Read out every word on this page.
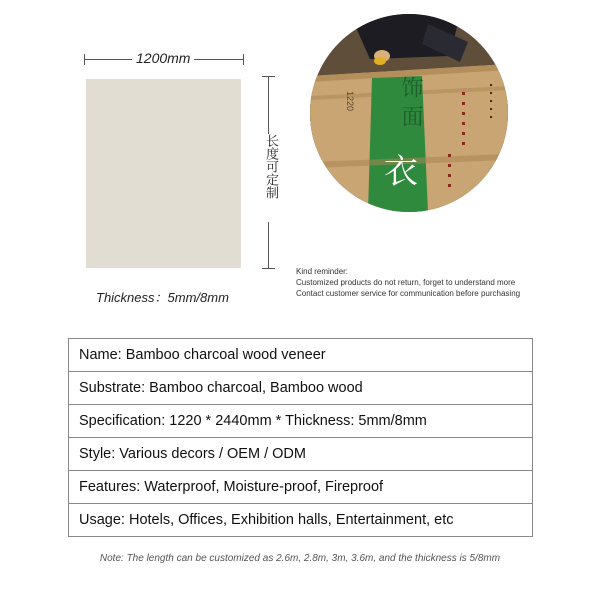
1200mm
长度可定制
Thickness：5mm/8mm
1220	饰 面
衣
Kind reminder:
Customized products do not return, forget to understand more
Contact customer service for communication before purchasing
Name: Bamboo charcoal wood veneer
Substrate: Bamboo charcoal, Bamboo wood
Specification: 1220 * 2440mm * Thickness: 5mm/8mm
Style: Various decors / OEM / ODM
Features: Waterproof, Moisture-proof, Fireproof
Usage: Hotels, Offices, Exhibition halls, Entertainment, etc
Note: The length can be customized as 2.6m, 2.8m, 3m, 3.6m, and the thickness is 5/8mm
